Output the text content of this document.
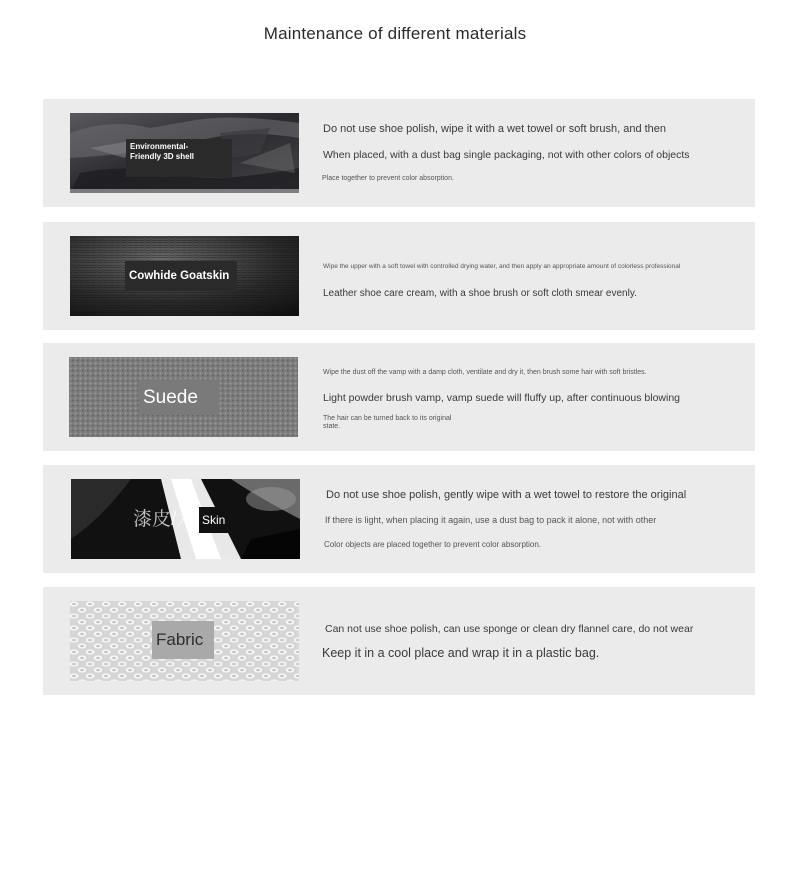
Maintenance of different materials
Environmental-
Friendly 3D shell
Do not use shoe polish, wipe it with a wet towel or soft brush, and then
When placed, with a dust bag single packaging, not with other colors of objects
Place together to prevent color absorption.
Cowhide Goatskin
Wipe the upper with a soft towel with controlled drying water, and then apply an appropriate amount of colorless professional
Leather shoe care cream, with a shoe brush or soft cloth smear evenly.
Suede
Wipe the dust off the vamp with a damp cloth, ventilate and dry it, then brush some hair with soft bristles.
Light powder brush vamp, vamp suede will fluffy up, after continuous blowing
The hair can be turned back to its original
state.
漆皮/九 Skin
Do not use shoe polish, gently wipe with a wet towel to restore the original
If there is light, when placing it again, use a dust bag to pack it alone, not with other
Color objects are placed together to prevent color absorption.
Fabric
Can not use shoe polish, can use sponge or clean dry flannel care, do not wear
Keep it in a cool place and wrap it in a plastic bag.
